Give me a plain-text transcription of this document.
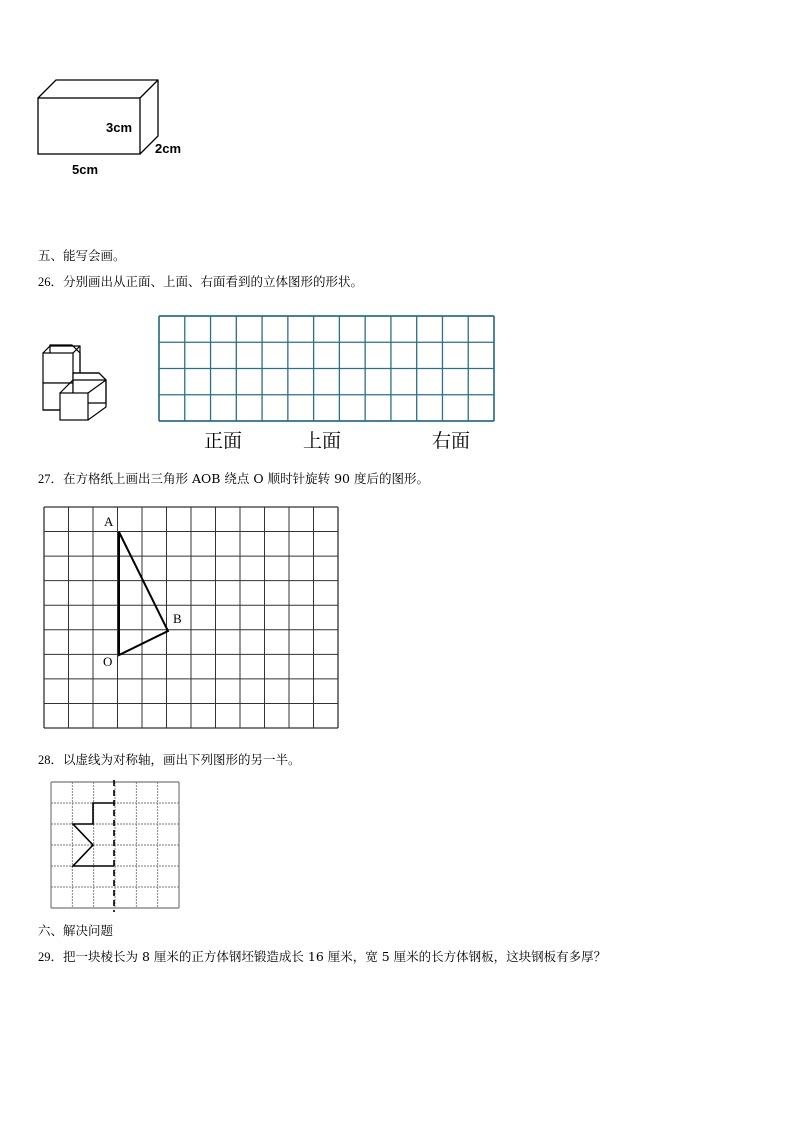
3cm
2cm
5cm
五、能写会画。
26．分别画出从正面、上面、右面看到的立体图形的形状。
正面	上面	右面
27．在方格纸上画出三角形 AOB 绕点 O 顺时针旋转 90 度后的图形。
A
B
O
28．以虚线为对称轴，画出下列图形的另一半。
六、解决问题
29．把一块棱长为 8 厘米的正方体钢坯锻造成长 16 厘米，宽 5 厘米的长方体钢板，这块钢板有多厚？
